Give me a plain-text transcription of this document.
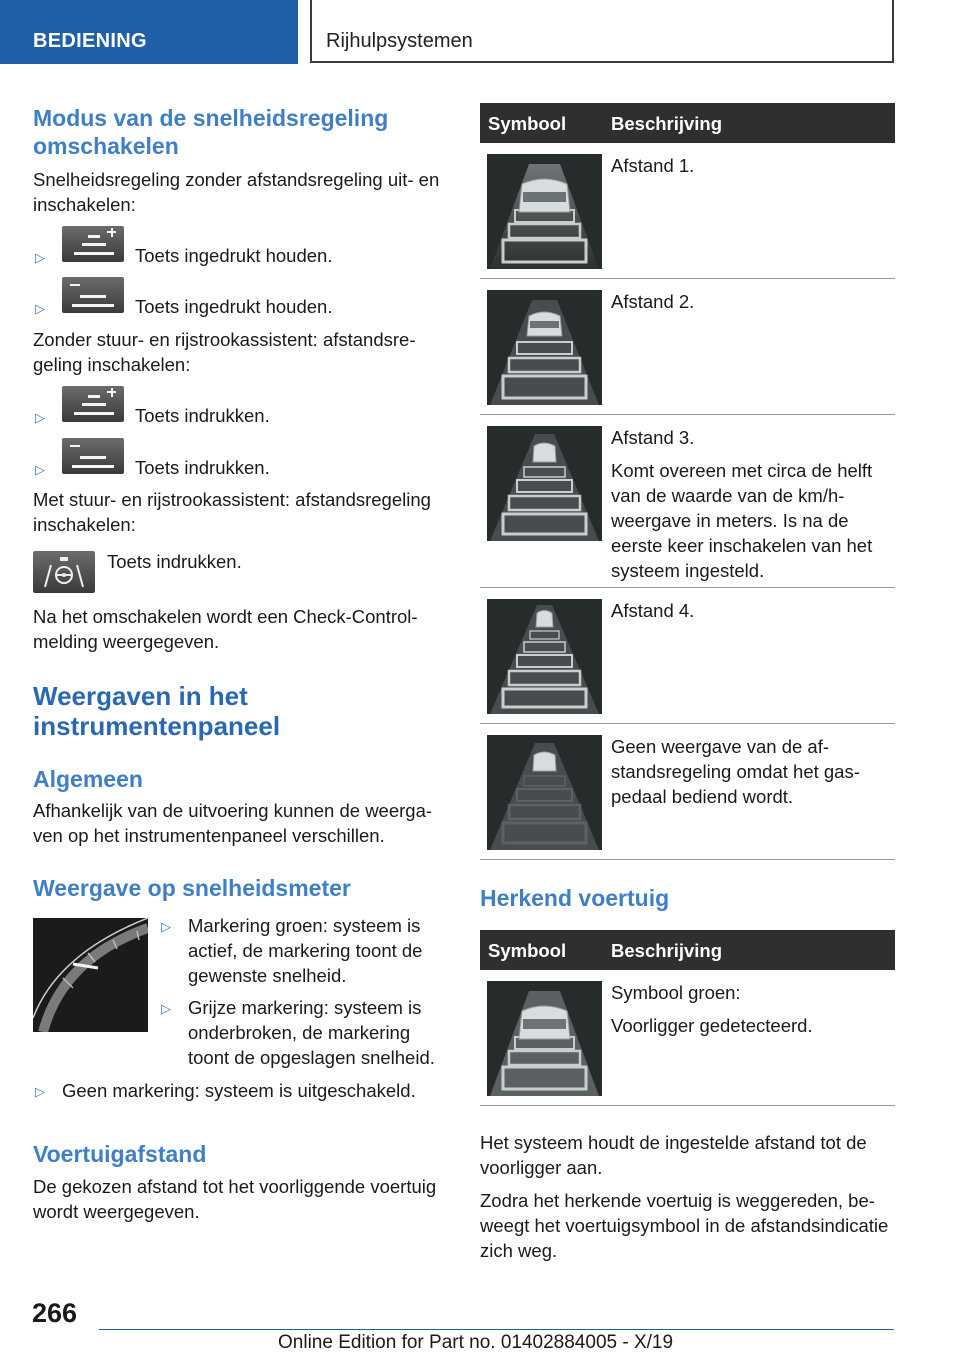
BEDIENING	Rijhulpsystemen
Modus van de snelheidsregeling omschakelen

Snelheidsregeling zonder afstandsregeling uit- en inschakelen:

▷	Toets ingedrukt houden.

▷	Toets ingedrukt houden.

Zonder stuur- en rijstrookassistent: afstandsregeling inschakelen:

▷	Toets indrukken.

▷	Toets indrukken.

Met stuur- en rijstrookassistent: afstandsregeling inschakelen:

Toets indrukken.

Na het omschakelen wordt een Check-Control-melding weergegeven.

Weergaven in het instrumentenpaneel
Algemeen

Afhankelijk van de uitvoering kunnen de weergaven op het instrumentenpaneel verschillen.

Weergave op snelheidsmeter
▷ Markering groen: systeem is actief, de markering toont de gewenste snelheid.

▷ Grijze markering: systeem is onderbroken, de markering toont de opgeslagen snelheid.

▷ Geen markering: systeem is uitgeschakeld.

Voertuigafstand

De gekozen afstand tot het voorliggende voertuig wordt weergegeven.

Symbool Beschrijving

Afstand 1.

Afstand 2.

Afstand 3.

Komt overeen met circa de helft van de waarde van de km/h-weergave in meters. Is na de eerste keer inschakelen van het systeem ingesteld.

Afstand 4.

Geen weergave van de afstandsregeling omdat het gaspedaal bediend wordt.

Herkend voertuig
Symbool Beschrijving

Symbool groen:

Voorligger gedetecteerd.

Het systeem houdt de ingestelde afstand tot de voorligger aan.

Zodra het herkende voertuig is weggereden, beweegt het voertuigsymbool in de afstandsindicatie zich weg.

266
Online Edition for Part no. 01402884005 - X/19
